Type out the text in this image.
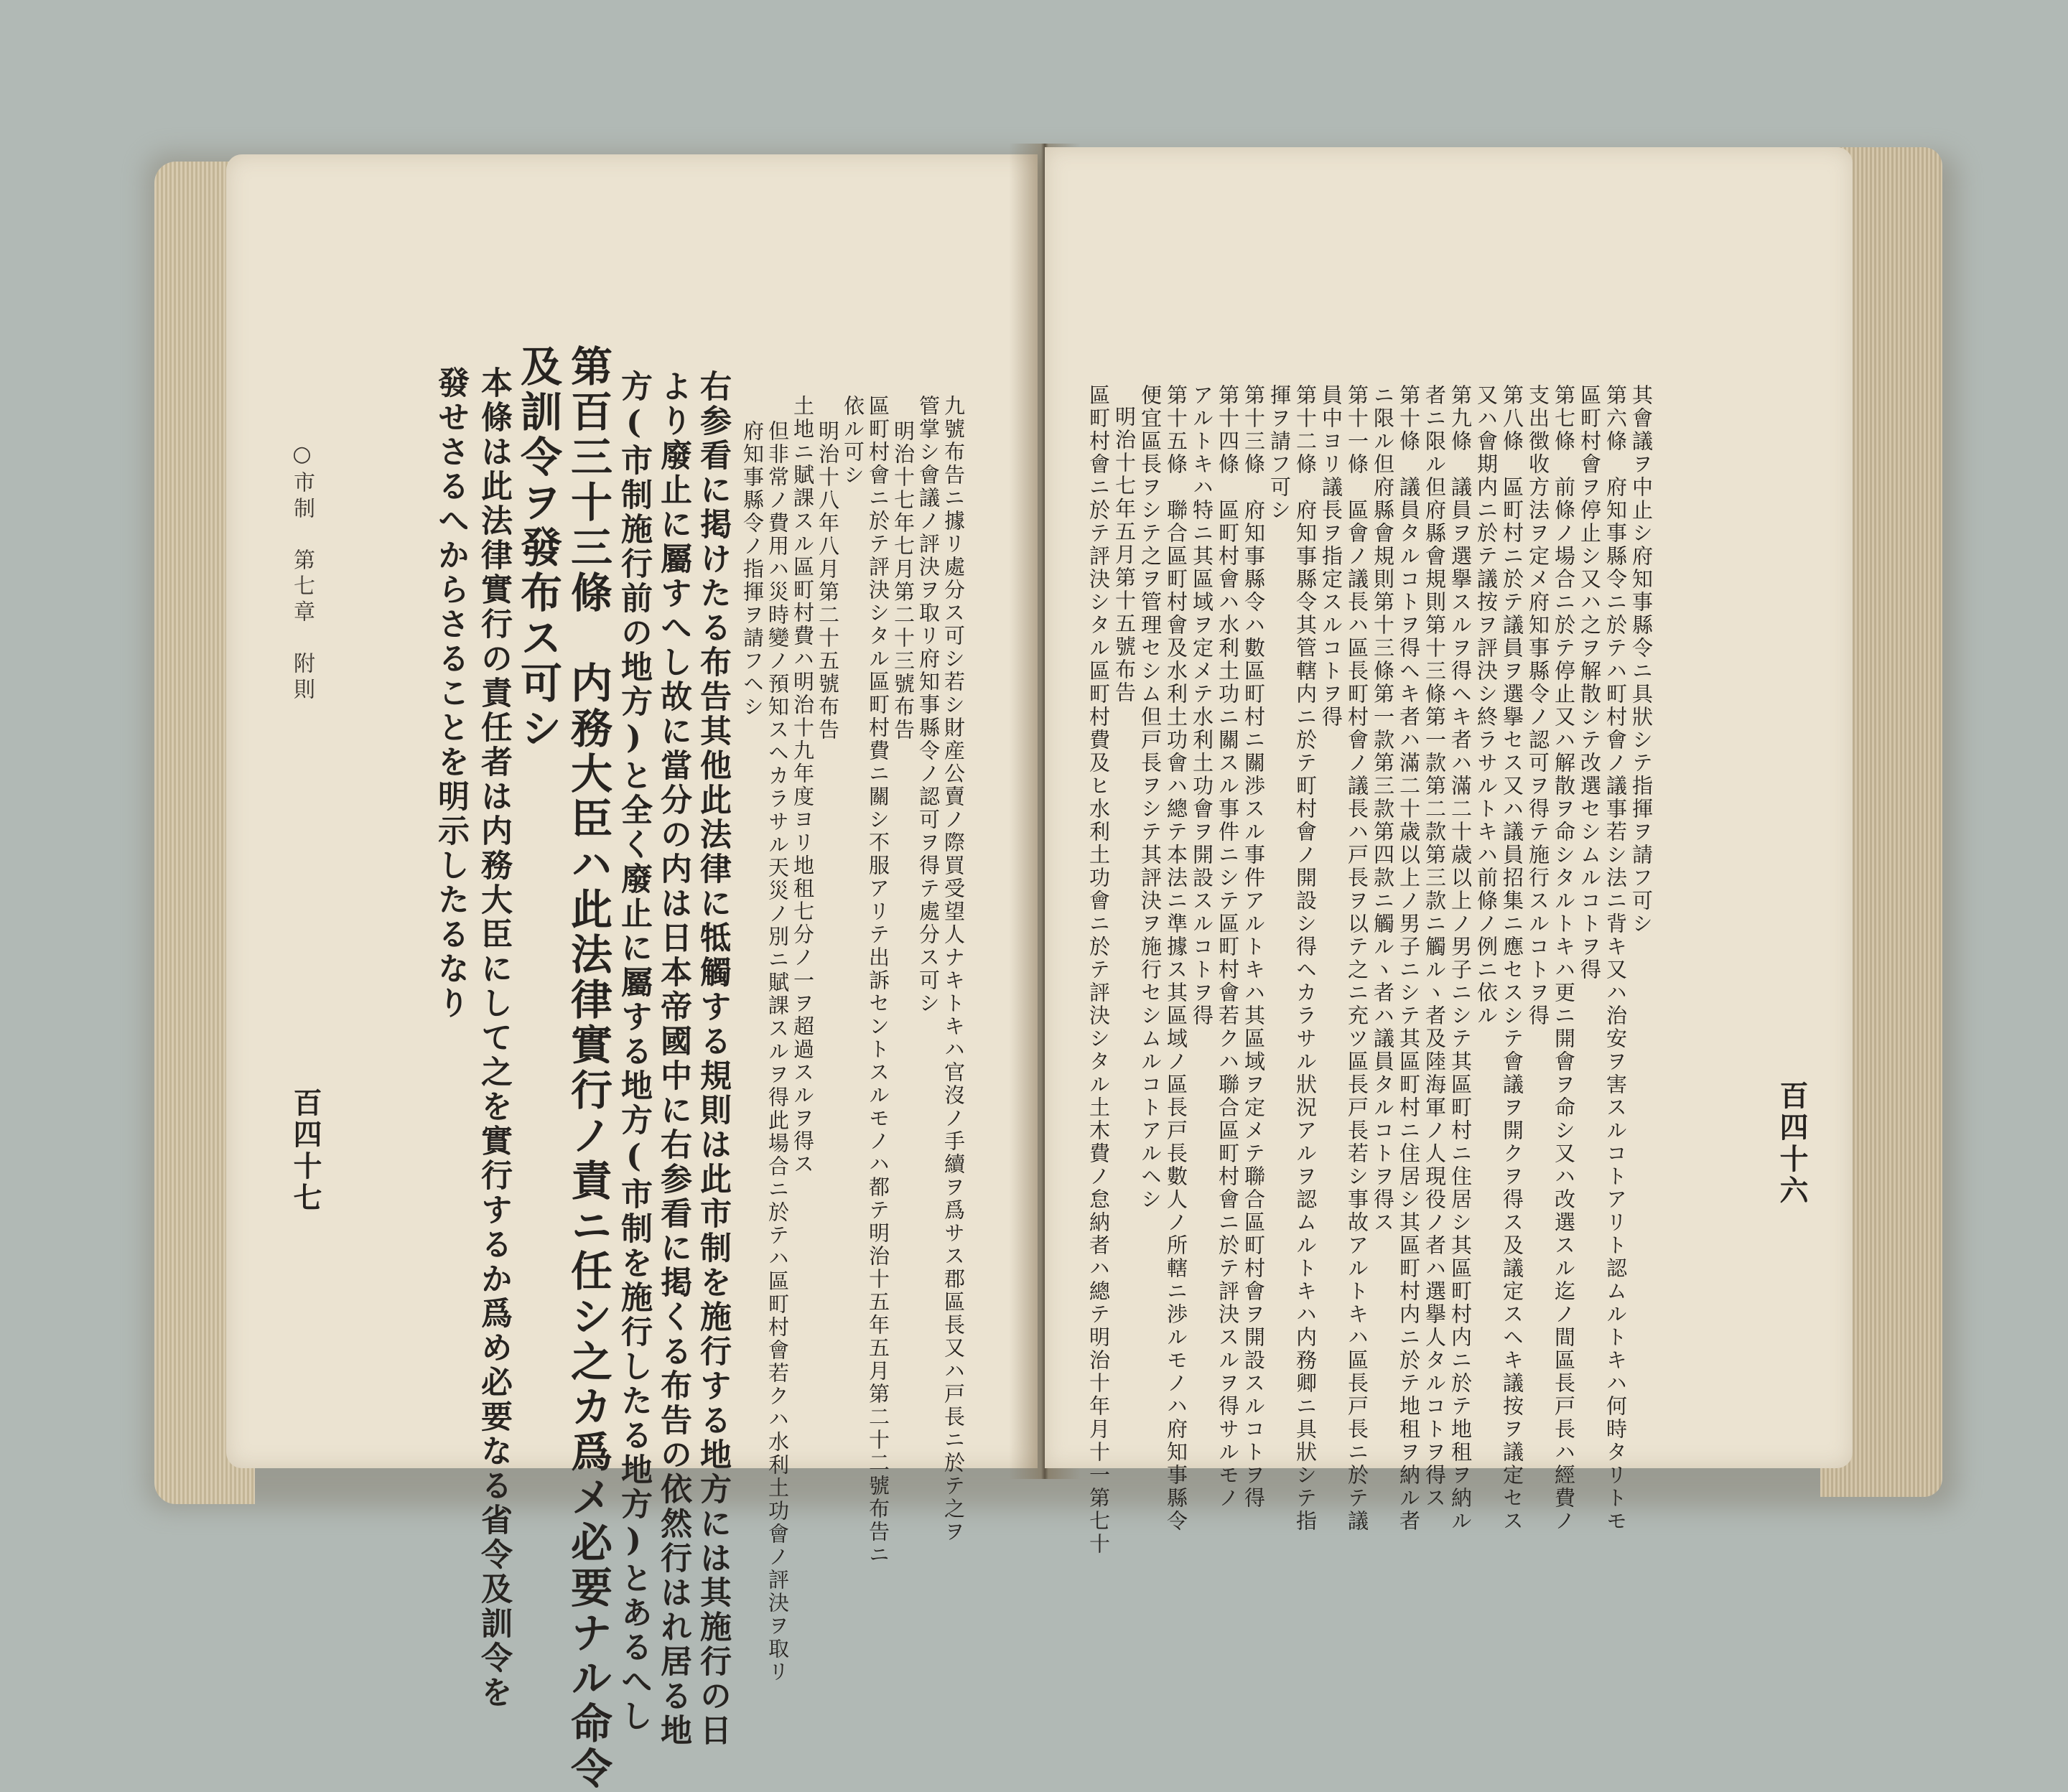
○市制　第七章　附則
百四十七
發せさるへからさることを明示したるなり 本條は此法律實行の責任者は内務大臣にして之を實行するか爲め必要なる省令及訓令を 及訓令ヲ發布ス可シ 第百三十三條　内務大臣ハ此法律實行ノ責ニ任シ之カ爲メ必要ナル命令 方(市制施行前の地方)と全く廢止に屬する地方(市制を施行したる地方)とあるへし より廢止に屬すへし故に當分の内は日本帝國中に右参看に掲くる布告の依然行はれ居る地 右参看に掲けたる布告其他此法律に牴觸する規則は此市制を施行する地方には其施行の日 府知事縣令ノ指揮ヲ請フヘシ 但非常ノ費用ハ災時變ノ預知スヘカラサル天災ノ別ニ賦課スルヲ得此場合ニ於テハ區町村會若クハ水利土功會ノ評決ヲ取リ 土地ニ賦課スル區町村費ハ明治十九年度ヨリ地租七分ノ一ヲ超過スルヲ得ス 明治十八年八月第二十五號布告 依ル可シ 區町村會ニ於テ評決シタル區町村費ニ關シ不服アリテ出訴セントスルモノハ都テ明治十五年五月第二十二號布告ニ 明治十七年七月第二十三號布告 管掌シ會議ノ評決ヲ取リ府知事縣令ノ認可ヲ得テ處分ス可シ 九號布告ニ據リ處分ス可シ若シ財産公賣ノ際買受望人ナキトキハ官沒ノ手續ヲ爲サス郡區長又ハ戸長ニ於テ之ヲ	百四十六
區町村會ニ於テ評決シタル區町村費及ヒ水利土功會ニ於テ評決シタル土木費ノ怠納者ハ總テ明治十年月十一第七十 明治十七年五月第十五號布告 便宜區長ヲシテ之ヲ管理セシム但戸長ヲシテ其評決ヲ施行セシムルコトアルヘシ 第十五條　聯合區町村會及水利土功會ハ總テ本法ニ準據ス其區域ノ區長戸長數人ノ所轄ニ渉ルモノハ府知事縣令 アルトキハ特ニ其區域ヲ定メテ水利土功會ヲ開設スルコトヲ得 第十四條　區町村會ハ水利土功ニ關スル事件ニシテ區町村會若クハ聯合區町村會ニ於テ評決スルヲ得サルモノ 第十三條　府知事縣令ハ數區町村ニ關渉スル事件アルトキハ其區域ヲ定メテ聯合區町村會ヲ開設スルコトヲ得 揮ヲ請フ可シ 第十二條　府知事縣令其管轄内ニ於テ町村會ノ開設シ得ヘカラサル狀況アルヲ認ムルトキハ内務卿ニ具狀シテ指 員中ヨリ議長ヲ指定スルコトヲ得 第十一條　區會ノ議長ハ區長町村會ノ議長ハ戸長ヲ以テ之ニ充ツ區長戸長若シ事故アルトキハ區長戸長ニ於テ議 ニ限ル但府縣會規則第十三條第一款第三款第四款ニ觸ルヽ者ハ議員タルコトヲ得ス 第十條　議員タルコトヲ得ヘキ者ハ滿二十歳以上ノ男子ニシテ其區町村ニ住居シ其區町村内ニ於テ地租ヲ納ル者 者ニ限ル但府縣會規則第十三條第一款第二款第三款ニ觸ルヽ者及陸海軍ノ人現役ノ者ハ選擧人タルコトヲ得ス 第九條　議員ヲ選擧スルヲ得ヘキ者ハ滿二十歳以上ノ男子ニシテ其區町村ニ住居シ其區町村内ニ於テ地租ヲ納ル 又ハ會期内ニ於テ議按ヲ評決シ終ラサルトキハ前條ノ例ニ依ル 第八條　區町村ニ於テ議員ヲ選擧セス又ハ議員招集ニ應セスシテ會議ヲ開クヲ得ス及議定スヘキ議按ヲ議定セス 支出徴收方法ヲ定メ府知事縣令ノ認可ヲ得テ施行スルコトヲ得 第七條　前條ノ場合ニ於テ停止又ハ解散ヲ命シタルトキハ更ニ開會ヲ命シ又ハ改選スル迄ノ間區長戸長ハ經費ノ 區町村會ヲ停止シ又ハ之ヲ解散シテ改選セシムルコトヲ得 第六條　府知事縣令ニ於テハ町村會ノ議事若シ法ニ背キ又ハ治安ヲ害スルコトアリト認ムルトキハ何時タリトモ 其會議ヲ中止シ府知事縣令ニ具狀シテ指揮ヲ請フ可シ
